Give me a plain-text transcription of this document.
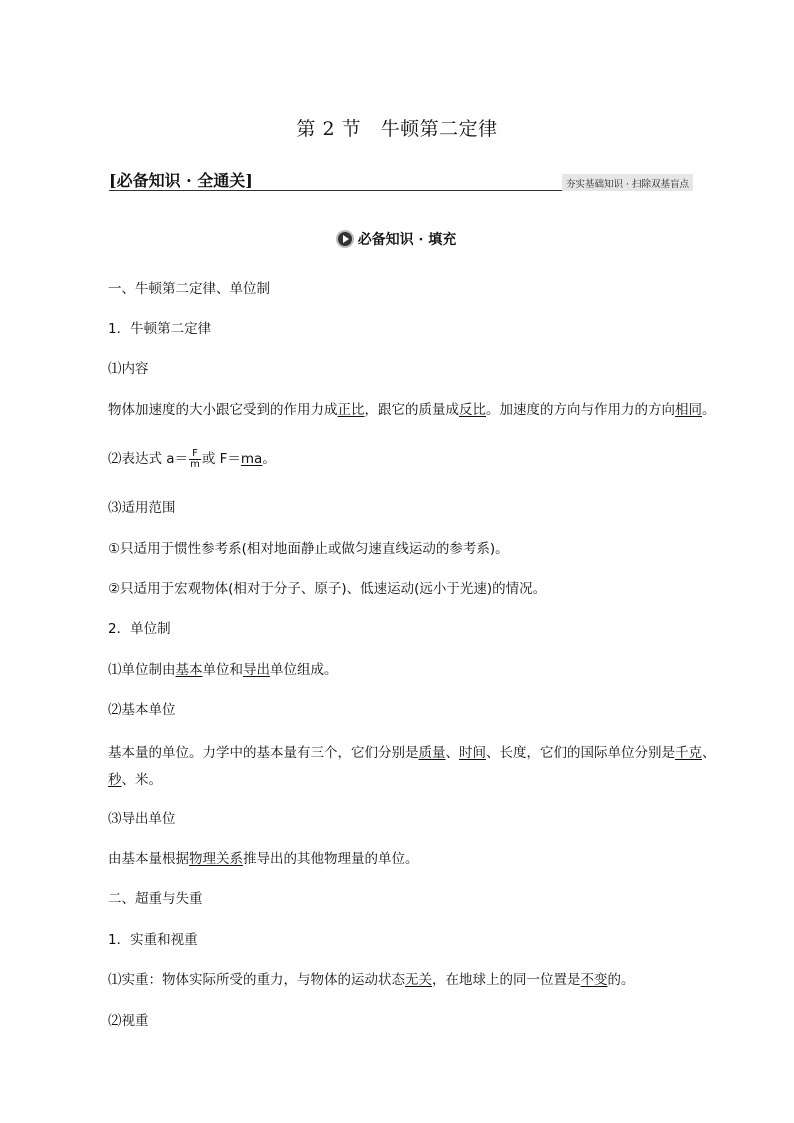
第 2 节　牛顿第二定律
[必备知识 · 全通关]	夯实基础知识 · 扫除双基盲点
必备知识 · 填充
一、牛顿第二定律、单位制
1．牛顿第二定律
⑴内容
物体加速度的大小跟它受到的作用力成正比，跟它的质量成反比。加速度的方向与作用力的方向相同。
⑵表达式 $a= \frac{F}{m}$ 或 F＝ma。
⑶适用范围
①只适用于惯性参考系(相对地面静止或做匀速直线运动的参考系)。
②只适用于宏观物体(相对于分子、原子)、低速运动(远小于光速)的情况。
2．单位制
⑴单位制由基本单位和导出单位组成。
⑵基本单位
基本量的单位。力学中的基本量有三个，它们分别是质量、时间、长度，它们的国际单位分别是千克、秒、米。
⑶导出单位
由基本量根据物理关系推导出的其他物理量的单位。
二、超重与失重
1．实重和视重
⑴实重：物体实际所受的重力，与物体的运动状态无关，在地球上的同一位置是不变的。
⑵视重
